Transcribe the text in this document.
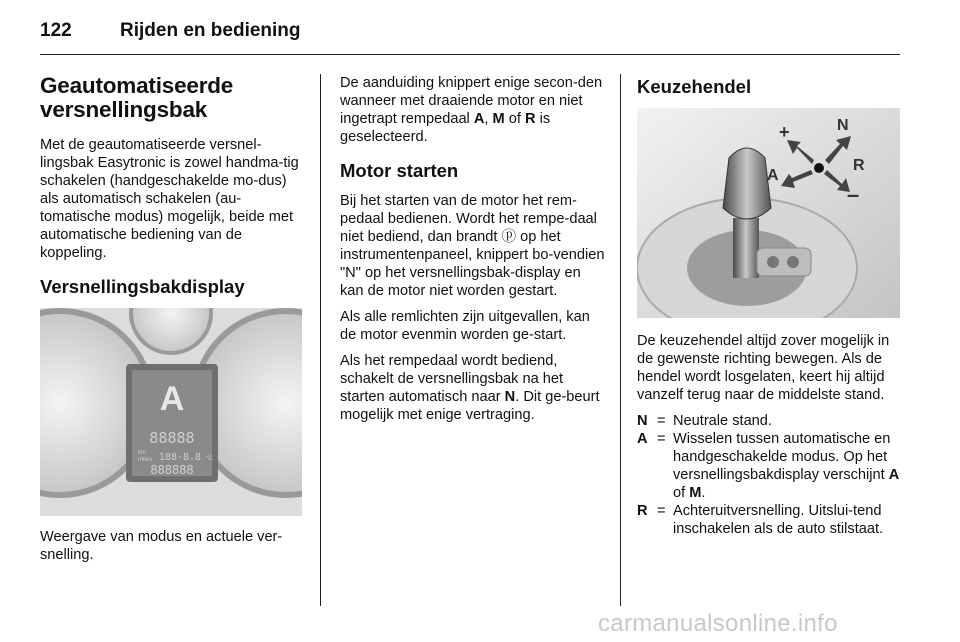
122	Rijden en bediening
Geautomatiseerde versnellingsbak

Met de geautomatiseerde versnel-lingsbak Easytronic is zowel handma-tig schakelen (handgeschakelde mo-dus) als automatisch schakelen (au-tomatische modus) mogelijk, beide met automatische bediening van de koppeling.

Versnellingsbakdisplay
A
88888
km
miles 188·8.8 °C
888888

Weergave van modus en actuele ver-snelling.

De aanduiding knippert enige secon-den wanneer met draaiende motor en niet ingetrapt rempedaal A, M of R is geselecteerd.

Motor starten

Bij het starten van de motor het rem-pedaal bedienen. Wordt het rempe-daal niet bediend, dan brandt ⓟ op het instrumentenpaneel, knippert bo-vendien "N" op het versnellingsbak-display en kan de motor niet worden gestart.

Als alle remlichten zijn uitgevallen, kan de motor evenmin worden ge-start.

Als het rempedaal wordt bediend, schakelt de versnellingsbak na het starten automatisch naar N. Dit ge-beurt mogelijk met enige vertraging.

Keuzehendel
+	N
R
A
–

De keuzehendel altijd zover mogelijk in de gewenste richting bewegen. Als de hendel wordt losgelaten, keert hij altijd vanzelf terug naar de middelste stand.

N = Neutrale stand.
A = Wisselen tussen automatische en handgeschakelde modus. Op het versnellingsbakdisplay verschijnt A of M.
R = Achteruitversnelling. Uitslui-tend inschakelen als de auto stilstaat.
carmanualsonline.info
